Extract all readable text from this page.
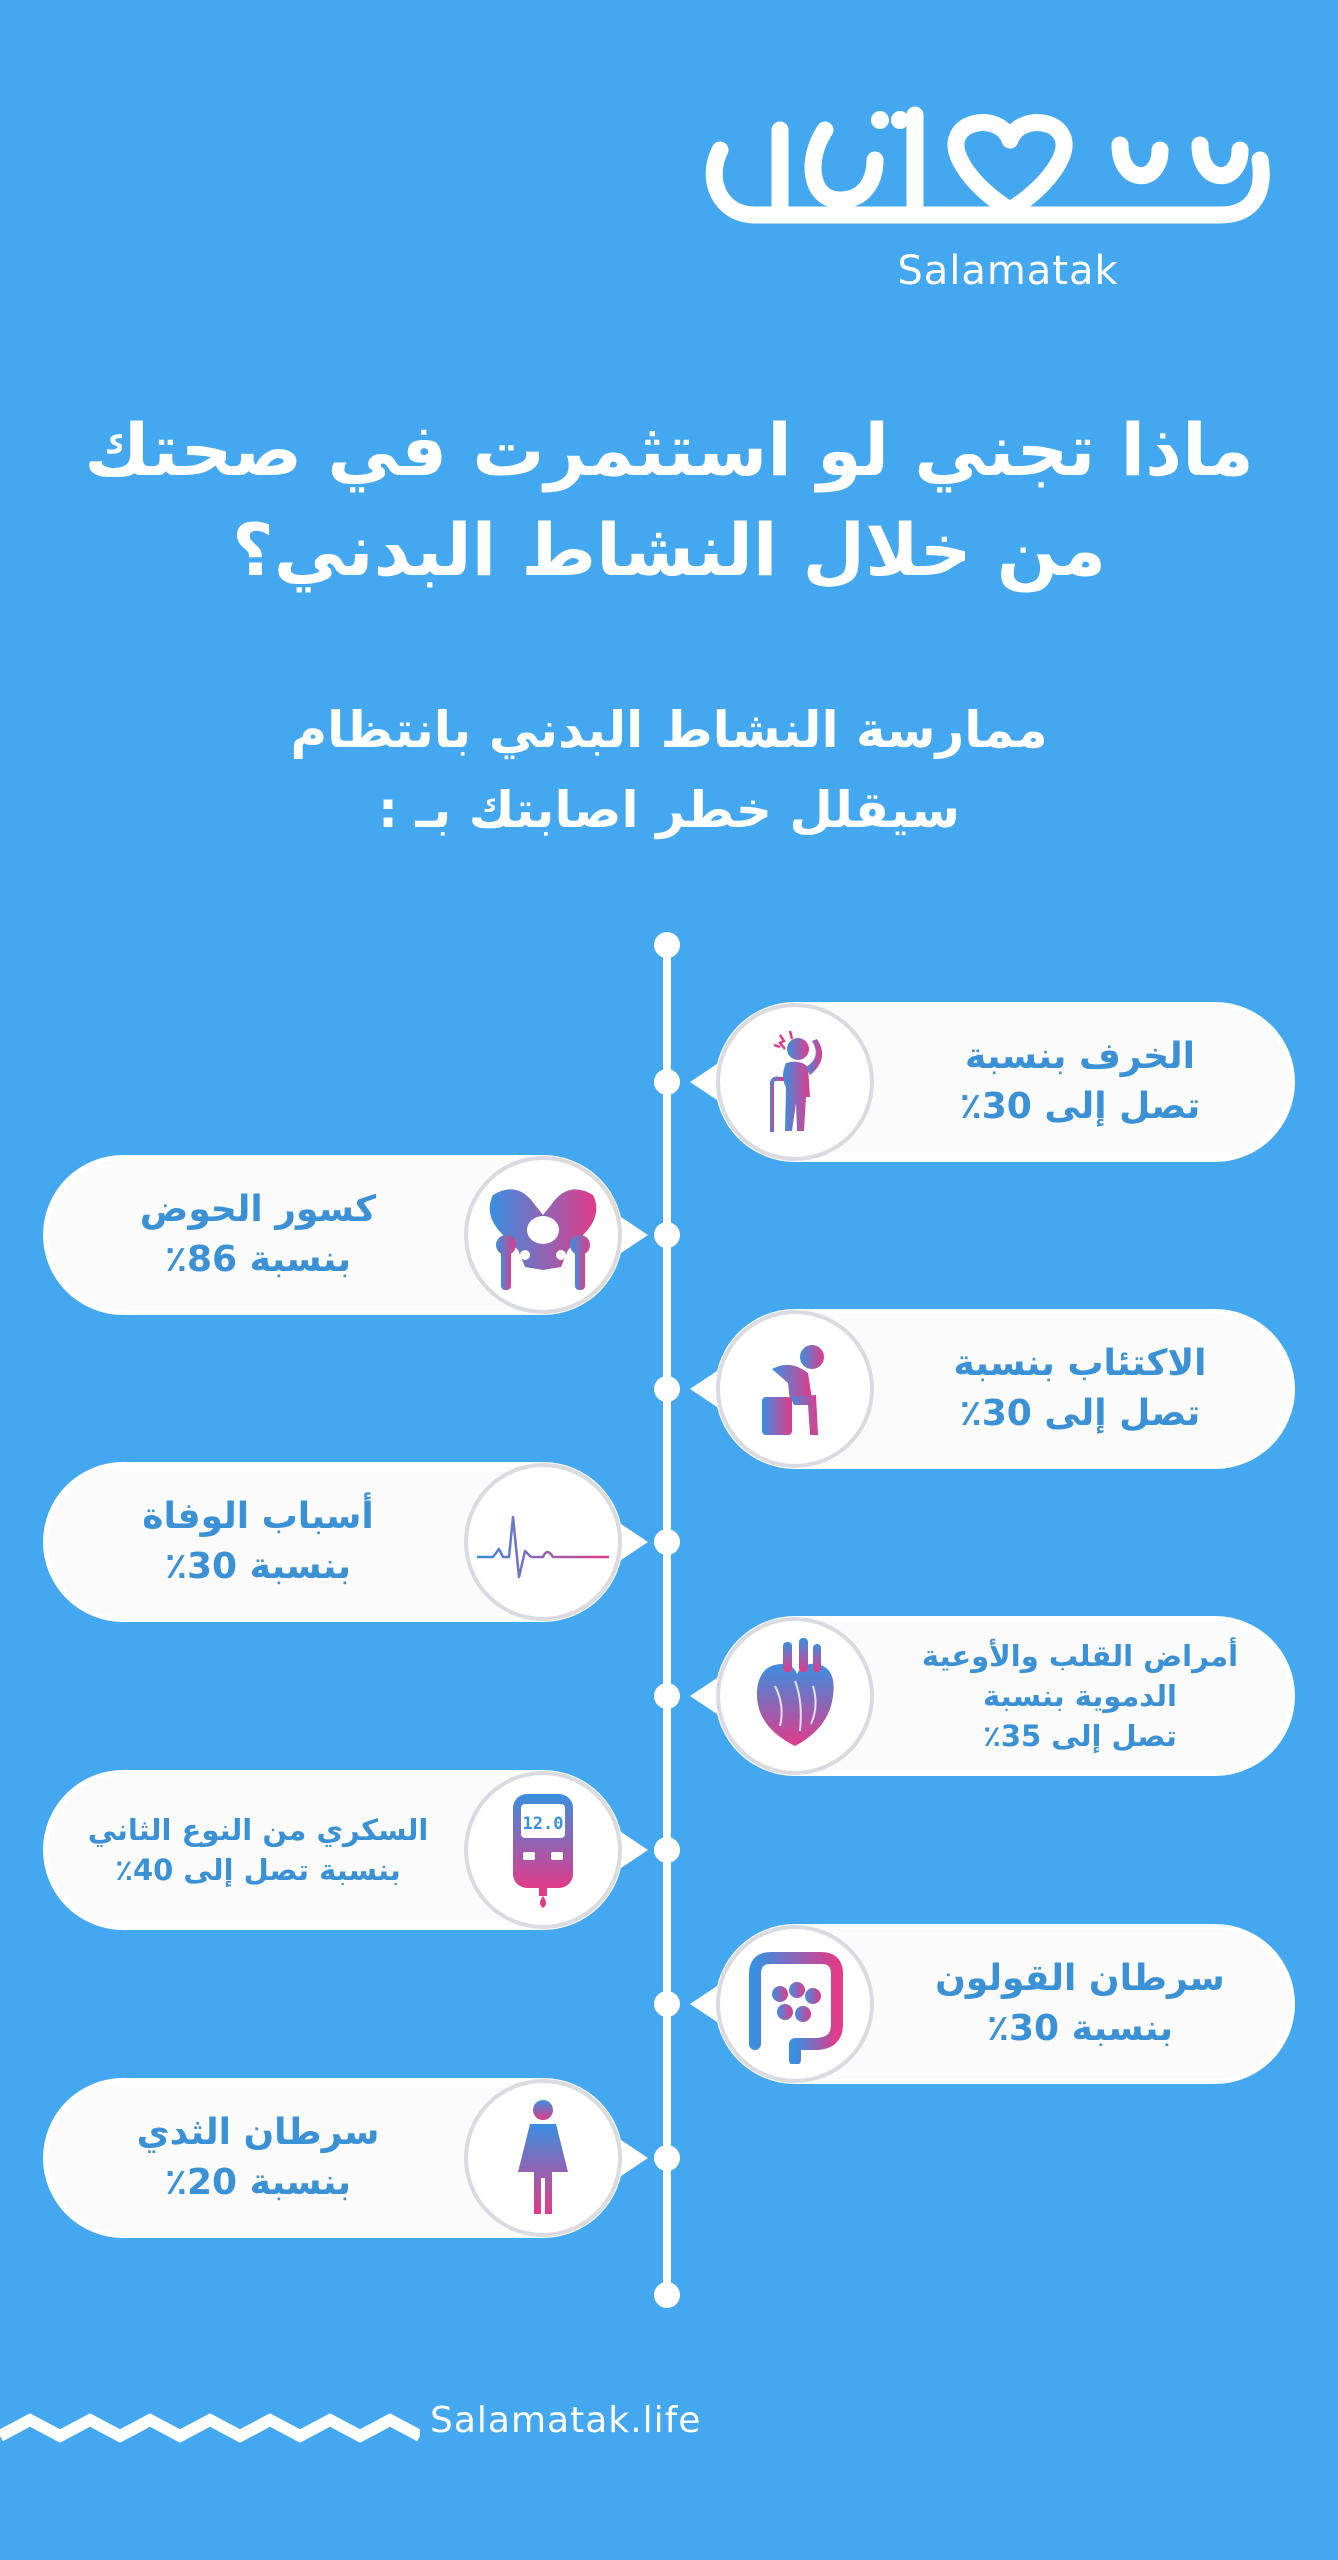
Salamatak
ماذا تجني لو استثمرت في صحتك
من خلال النشاط البدني؟
ممارسة النشاط البدني بانتظام
سيقلل خطر اصابتك بـ :
الخرف بنسبة
تصل إلى 30٪
كسور الحوض
بنسبة 86٪
الاكتئاب بنسبة
تصل إلى 30٪
أسباب الوفاة
بنسبة 30٪
أمراض القلب والأوعية
الدموية بنسبة
تصل إلى 35٪
12.0
السكري من النوع الثاني
بنسبة تصل إلى 40٪
سرطان القولون
بنسبة 30٪
سرطان الثدي
بنسبة 20٪
Salamatak.life
